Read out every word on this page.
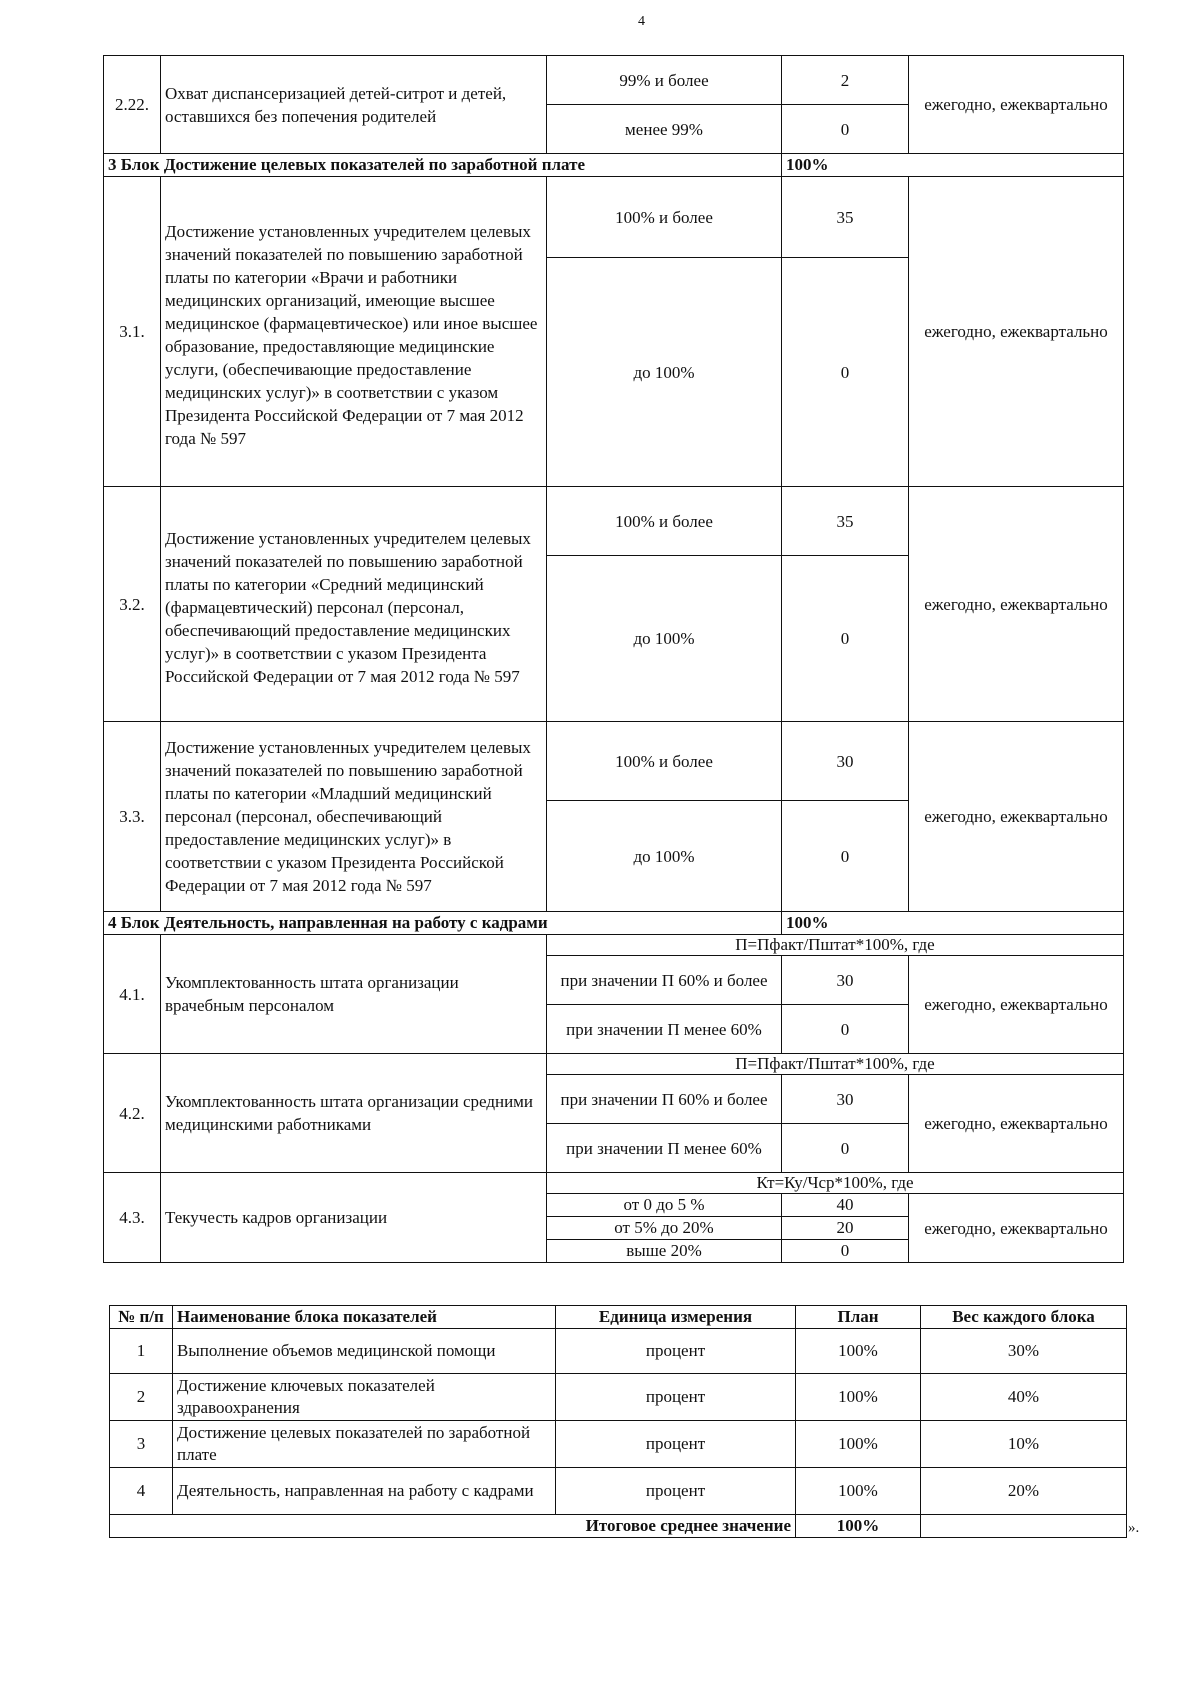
4
2.22.	Охват диспансеризацией детей-ситрот и детей, оставшихся без попечения родителей	99% и более	2	ежегодно, ежеквартально
		менее 99%	0	
3 Блок Достижение целевых показателей по заработной плате			100%	
3.1.	Достижение установленных учредителем целевых значений показателей по повышению заработной платы по категории «Врачи и работники медицинских организаций, имеющие высшее медицинское (фармацевтическое) или иное высшее образование, предоставляющие медицинские услуги, (обеспечивающие предоставление медицинских услуг)» в соответствии с указом Президента Российской Федерации от 7 мая 2012 года № 597	100% и более	35	ежегодно, ежеквартально
		до 100%	0	
3.2.	Достижение установленных учредителем целевых значений показателей по повышению заработной платы по категории «Средний медицинский (фармацевтический) персонал (персонал, обеспечивающий предоставление медицинских услуг)» в соответствии с указом Президента Российской Федерации от 7 мая 2012 года № 597	100% и более	35	ежегодно, ежеквартально
		до 100%	0	
3.3.	Достижение установленных учредителем целевых значений показателей по повышению заработной платы по категории «Младший медицинский персонал (персонал, обеспечивающий предоставление медицинских услуг)» в соответствии с указом Президента Российской Федерации от 7 мая 2012 года № 597	100% и более	30	ежегодно, ежеквартально
		до 100%	0	
4 Блок Деятельность, направленная на работу с кадрами			100%	
4.1.	Укомплектованность штата организации врачебным персоналом	П=Пфакт/Пштат*100%, где		
		при значении П 60% и более	30	ежегодно, ежеквартально
		при значении П менее 60%	0	
4.2.	Укомплектованность штата организации средними медицинскими работниками	П=Пфакт/Пштат*100%, где		
		при значении П 60% и более	30	ежегодно, ежеквартально
		при значении П менее 60%	0	
4.3.	Текучесть кадров организации	Кт=Ку/Чср*100%, где		
		от 0 до 5 %	40	ежегодно, ежеквартально
		от 5% до 20%	20	
		выше 20%	0	
№ п/п	Наименование блока показателей	Единица измерения	План	Вес каждого блока
1	Выполнение объемов медицинской помощи	процент	100%	30%
2	Достижение ключевых показателей здравоохранения	процент	100%	40%
3	Достижение целевых показателей по заработной плате	процент	100%	10%
4	Деятельность, направленная на работу с кадрами	процент	100%	20%
Итоговое среднее значение			100%		».
